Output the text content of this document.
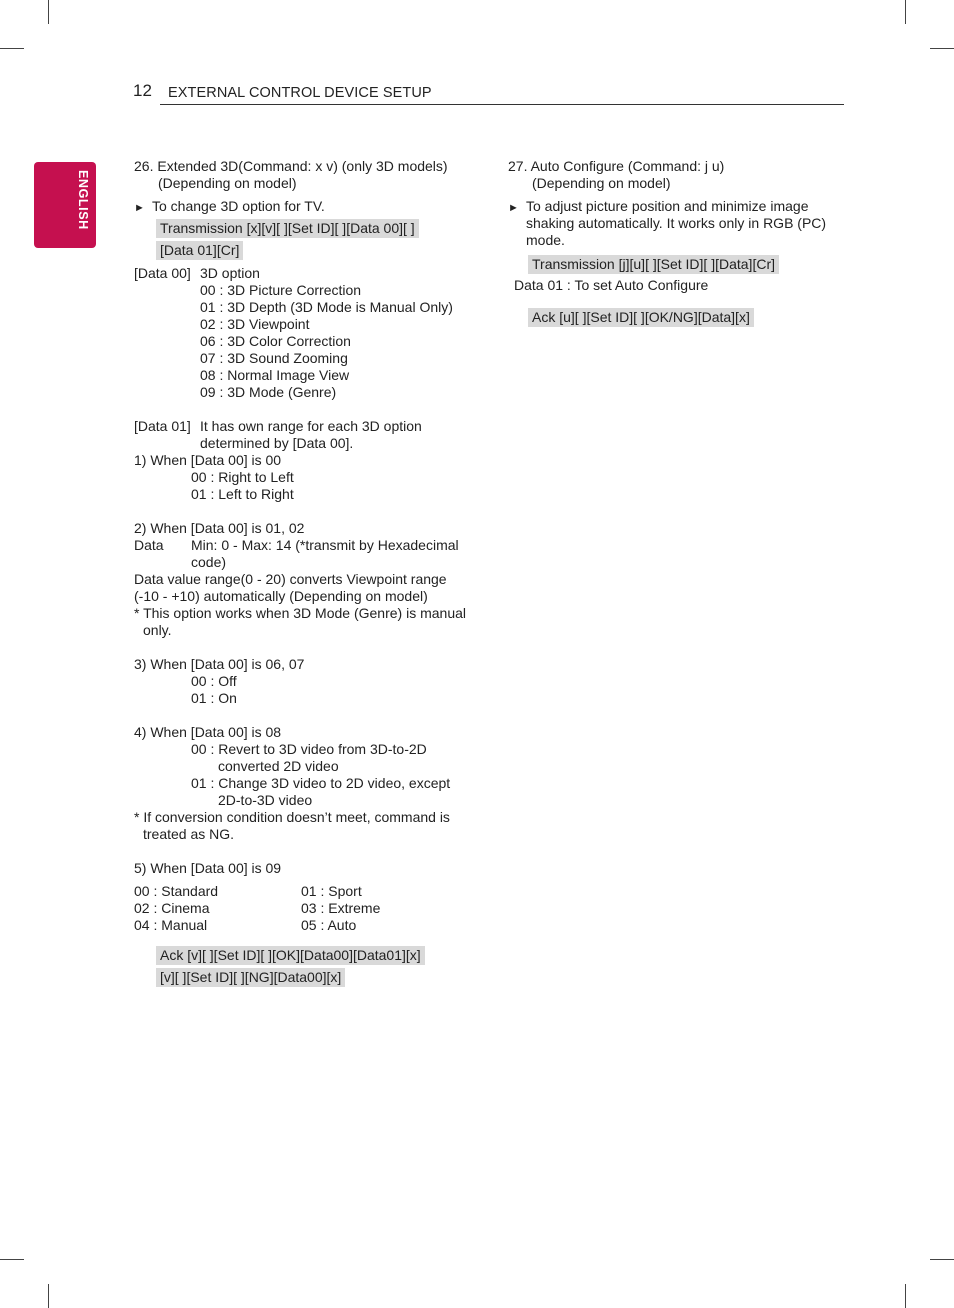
12 EXTERNAL CONTROL DEVICE SETUP
ENGLISH
26. Extended 3D(Command: x v) (only 3D models)
(Depending on model)
► To change 3D option for TV.
Transmission [x][v][ ][Set ID][ ][Data 00][ ]
[Data 01][Cr]
[Data 00] 3D option
00 : 3D Picture Correction
01 : 3D Depth (3D Mode is Manual Only)
02 : 3D Viewpoint
06 : 3D Color Correction
07 : 3D Sound Zooming
08 : Normal Image View
09 : 3D Mode (Genre)
[Data 01] It has own range for each 3D option
determined by [Data 00].
1) When [Data 00] is 00
00 : Right to Left
01 : Left to Right
2) When [Data 00] is 01, 02
Data Min: 0 - Max: 14 (*transmit by Hexadecimal
code)
Data value range(0 - 20) converts Viewpoint range
(-10 - +10) automatically (Depending on model)
* This option works when 3D Mode (Genre) is manual
only.
3) When [Data 00] is 06, 07
00 : Off
01 : On
4) When [Data 00] is 08
00 : Revert to 3D video from 3D-to-2D
converted 2D video
01 : Change 3D video to 2D video, except
2D-to-3D video
* If conversion condition doesn’t meet, command is
treated as NG.
5) When [Data 00] is 09
00 : Standard	01 : Sport
02 : Cinema	03 : Extreme
04 : Manual	05 : Auto
Ack [v][ ][Set ID][ ][OK][Data00][Data01][x]
[v][ ][Set ID][ ][NG][Data00][x]
27. Auto Configure (Command: j u)
(Depending on model)
► To adjust picture position and minimize image
shaking automatically. It works only in RGB (PC)
mode.
Transmission [j][u][ ][Set ID][ ][Data][Cr]
Data 01 : To set Auto Configure
Ack [u][ ][Set ID][ ][OK/NG][Data][x]
